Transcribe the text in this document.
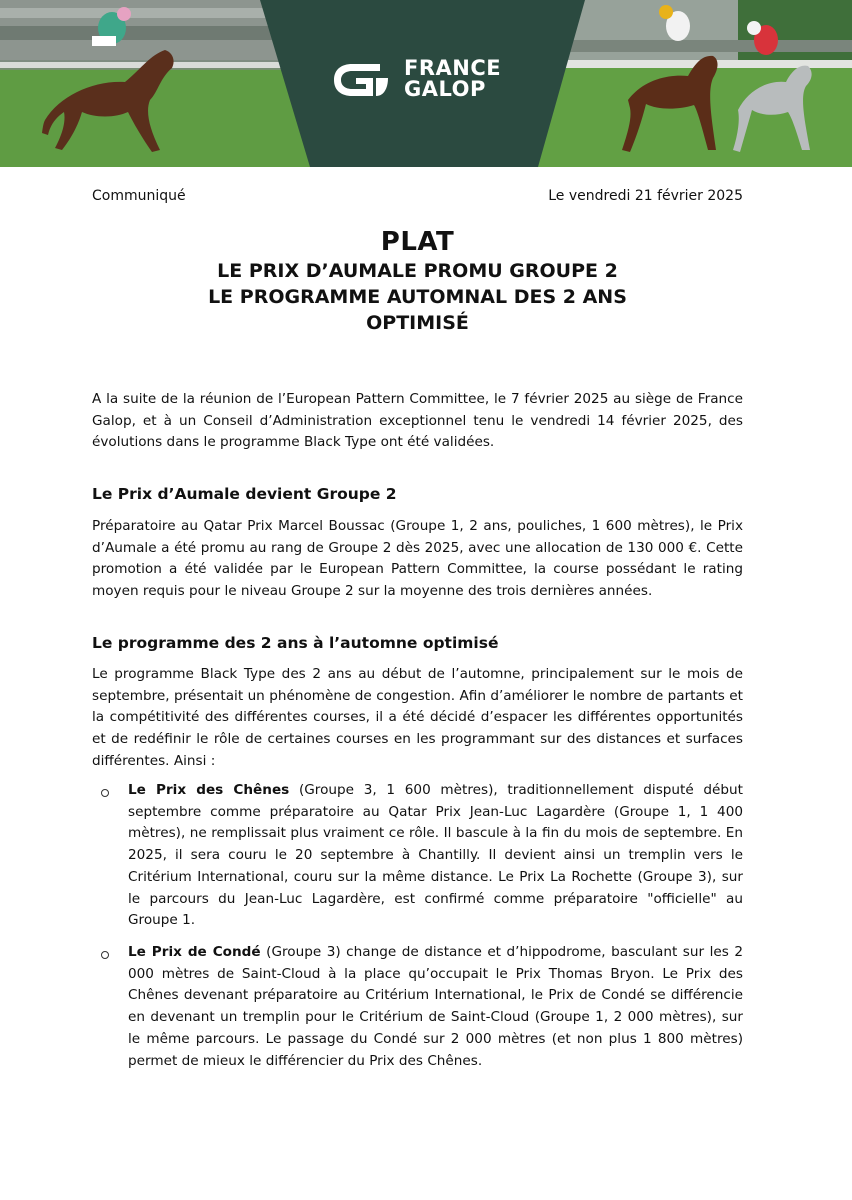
FRANCE
GALOP
Communiqué	Le vendredi 21 février 2025
PLAT
LE PRIX D’AUMALE PROMU GROUPE 2
LE PROGRAMME AUTOMNAL DES 2 ANS
OPTIMISÉ

A la suite de la réunion de l’European Pattern Committee, le 7 février 2025 au siège de France Galop, et à un Conseil d’Administration exceptionnel tenu le vendredi 14 février 2025, des évolutions dans le programme Black Type ont été validées.

Le Prix d’Aumale devient Groupe 2

Préparatoire au Qatar Prix Marcel Boussac (Groupe 1, 2 ans, pouliches, 1 600 mètres), le Prix d’Aumale a été promu au rang de Groupe 2 dès 2025, avec une allocation de 130 000 €. Cette promotion a été validée par le European Pattern Committee, la course possédant le rating moyen requis pour le niveau Groupe 2 sur la moyenne des trois dernières années.

Le programme des 2 ans à l’automne optimisé

Le programme Black Type des 2 ans au début de l’automne, principalement sur le mois de septembre, présentait un phénomène de congestion. Afin d’améliorer le nombre de partants et la compétitivité des différentes courses, il a été décidé d’espacer les différentes opportunités et de redéfinir le rôle de certaines courses en les programmant sur des distances et surfaces différentes. Ainsi :

Le Prix des Chênes (Groupe 3, 1 600 mètres), traditionnellement disputé début septembre comme préparatoire au Qatar Prix Jean-Luc Lagardère (Groupe 1, 1 400 mètres), ne remplissait plus vraiment ce rôle. Il bascule à la fin du mois de septembre. En 2025, il sera couru le 20 septembre à Chantilly. Il devient ainsi un tremplin vers le Critérium International, couru sur la même distance. Le Prix La Rochette (Groupe 3), sur le parcours du Jean-Luc Lagardère, est confirmé comme préparatoire "officielle" au Groupe 1.

Le Prix de Condé (Groupe 3) change de distance et d’hippodrome, basculant sur les 2 000 mètres de Saint-Cloud à la place qu’occupait le Prix Thomas Bryon. Le Prix des Chênes devenant préparatoire au Critérium International, le Prix de Condé se différencie en devenant un tremplin pour le Critérium de Saint-Cloud (Groupe 1, 2 000 mètres), sur le même parcours. Le passage du Condé sur 2 000 mètres (et non plus 1 800 mètres) permet de mieux le différencier du Prix des Chênes.
